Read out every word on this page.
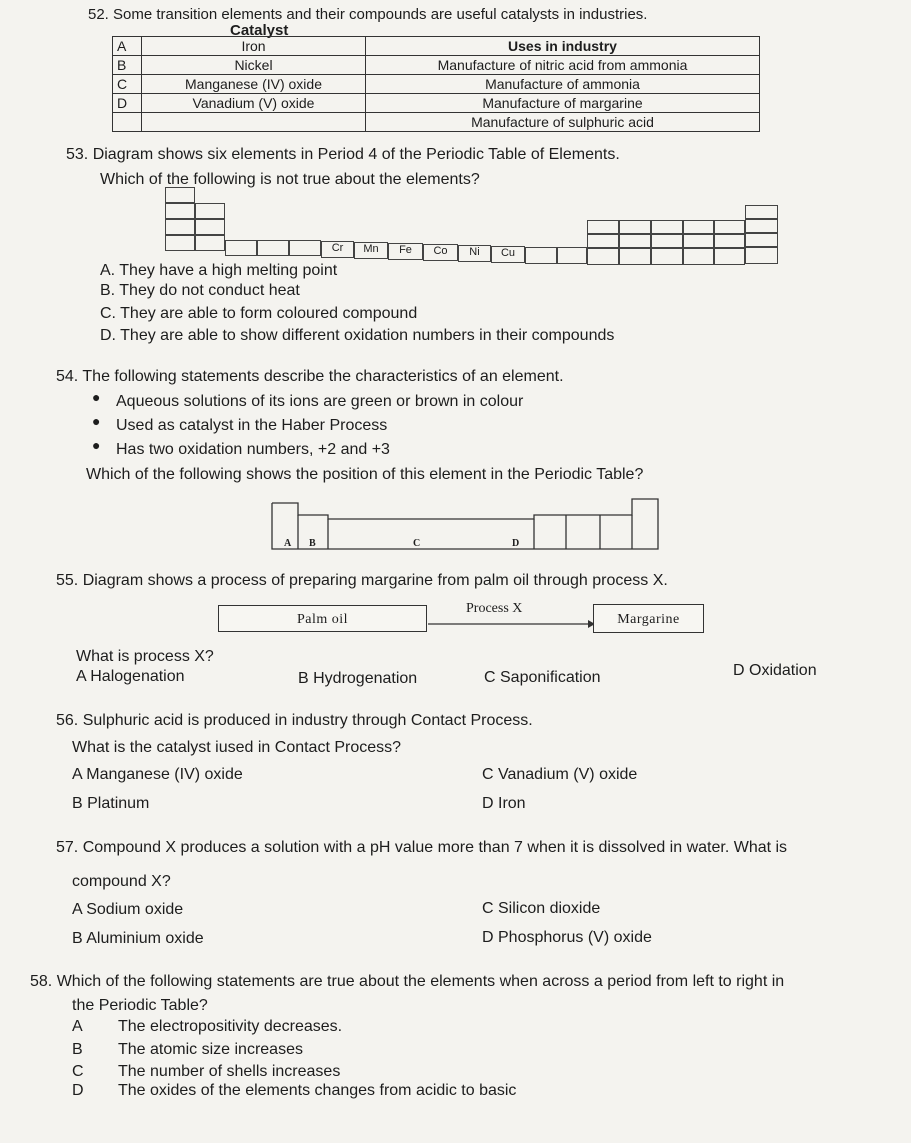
52. Some transition elements and their compounds are useful catalysts in industries.
Catalyst
A	Iron	Uses in industry
B	Nickel	Manufacture of nitric acid from ammonia
C	Manganese (IV) oxide	Manufacture of ammonia
D	Vanadium (V) oxide	Manufacture of margarine
		Manufacture of sulphuric acid
53. Diagram shows six elements in Period 4 of the Periodic Table of Elements.
Which of the following is not true about the elements?
Cr	Mn	Fe	Co	Ni	Cu
A. They have a high melting point
B. They do not conduct heat
C. They are able to form coloured compound
D. They are able to show different oxidation numbers in their compounds
54. The following statements describe the characteristics of an element.
● Aqueous solutions of its ions are green or brown in colour
● Used as catalyst in the Haber Process
● Has two oxidation numbers, +2 and +3
Which of the following shows the position of this element in the Periodic Table?
A B	C	D
55. Diagram shows a process of preparing margarine from palm oil through process X.
Palm oil
Process X
Margarine
What is process X?
A Halogenation	B Hydrogenation	C Saponification	D Oxidation
56. Sulphuric acid is produced in industry through Contact Process.
What is the catalyst iused in Contact Process?
A Manganese (IV) oxide	C Vanadium (V) oxide
B Platinum	D Iron
57. Compound X produces a solution with a pH value more than 7 when it is dissolved in water. What is
compound X?
A Sodium oxide	C Silicon dioxide
B Aluminium oxide	D Phosphorus (V) oxide
58. Which of the following statements are true about the elements when across a period from left to right in
the Periodic Table?
A The electropositivity decreases.
B The atomic size increases
C The number of shells increases
D The oxides of the elements changes from acidic to basic
